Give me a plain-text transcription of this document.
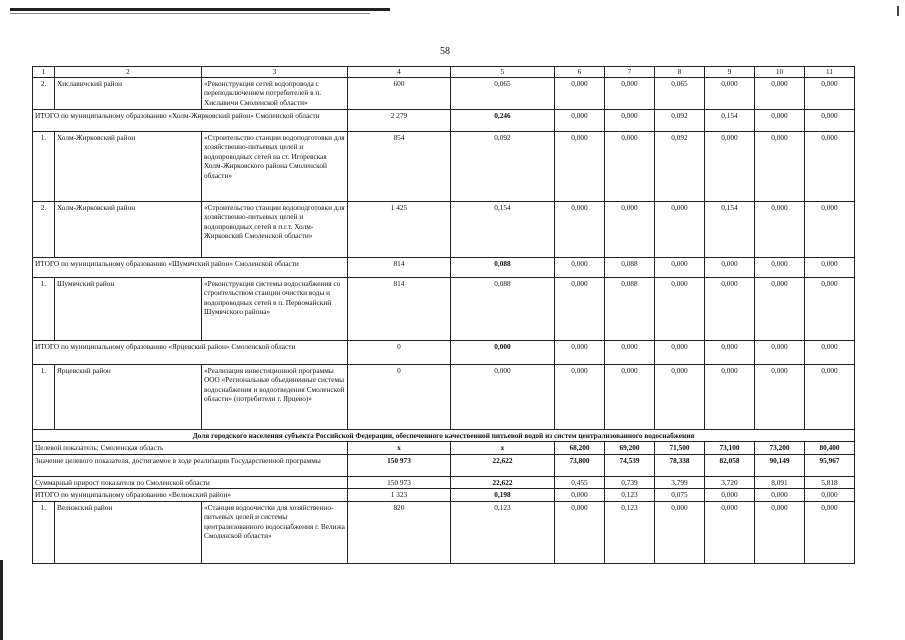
58
1	2	3	4	5	6	7	8	9	10	11
2.	Хиславичский район	«Реконструкция сетей водопровода с переподключением потребителей в п. Хиславичи Смоленской области»	600	0,065	0,000	0,000	0,065	0,000	0,000	0,000
ИТОГО по муниципальному образованию «Холм-Жирковский район» Смоленской области			2 279	0,246	0,000	0,000	0,092	0,154	0,000	0,000
1.	Холм-Жирковский район	«Строительство станции водоподготовки для хозяйственно-питьевых целей и водопроводных сетей на ст. Игоревская Холм-Жирковского района Смоленской области»	854	0,092	0,000	0,000	0,092	0,000	0,000	0,000
2.	Холм-Жирковский район	«Строительство станции водоподготовки для хозяйственно-питьевых целей и водопроводных сетей в п.г.т. Холм-Жирковский Смоленской области»	1 425	0,154	0,000	0,000	0,000	0,154	0,000	0,000
ИТОГО по муниципальному образованию «Шумячский район» Смоленской области			814	0,088	0,000	0,088	0,000	0,000	0,000	0,000
1.	Шумячский район	«Реконструкция системы водоснабжения со строительством станции очистки воды и водопроводных сетей в п. Первомайский Шумячского района»	814	0,088	0,000	0,088	0,000	0,000	0,000	0,000
ИТОГО по муниципальному образованию «Ярцевский район» Смоленской области			0	0,000	0,000	0,000	0,000	0,000	0,000	0,000
1.	Ярцевский район	«Реализация инвестиционной программы ООО «Региональные объединенные системы водоснабжения и водоотведения Смоленской области» (потребители г. Ярцево)»	0	0,000	0,000	0,000	0,000	0,000	0,000	0,000
Доля городского населения субъекта Российской Федерации, обеспеченного качественной питьевой водой из систем централизованного водоснабжения										
Целевой показатель: Смоленская область			х	х	68,200	69,200	71,500	73,100	73,200	80,400
Значение целевого показателя, достигаемое в ходе реализации Государственной программы			150 973	22,622	73,800	74,539	78,338	82,058	90,149	95,967
Суммарный прирост показателя по Смоленской области			150 973	22,622	0,455	0,739	3,799	3,720	8,091	5,818
ИТОГО по муниципальному образованию «Велижский район»			1 323	0,198	0,000	0,123	0,075	0,000	0,000	0,000
1.	Велижский район	«Станция водоочистки для хозяйственно-питьевых целей и системы централизованного водоснабжения г. Велижа Смоленской области»	820	0,123	0,000	0,123	0,000	0,000	0,000	0,000
